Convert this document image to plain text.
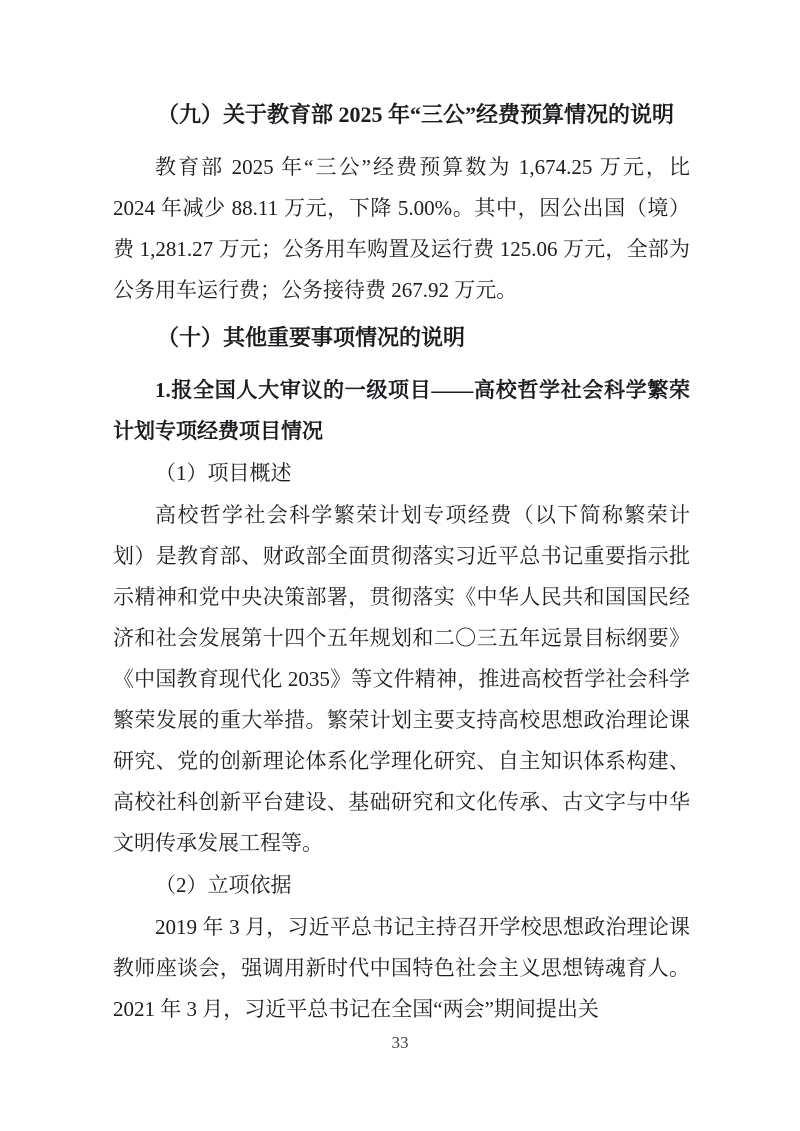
（九）关于教育部 2025 年“三公”经费预算情况的说明

教育部 2025 年“三公”经费预算数为 1,674.25 万元，比 2024 年减少 88.11 万元，下降 5.00%。其中，因公出国（境）费 1,281.27 万元；公务用车购置及运行费 125.06 万元，全部为公务用车运行费；公务接待费 267.92 万元。

（十）其他重要事项情况的说明

1.报全国人大审议的一级项目——高校哲学社会科学繁荣计划专项经费项目情况

（1）项目概述

高校哲学社会科学繁荣计划专项经费（以下简称繁荣计划）是教育部、财政部全面贯彻落实习近平总书记重要指示批示精神和党中央决策部署，贯彻落实《中华人民共和国国民经济和社会发展第十四个五年规划和二〇三五年远景目标纲要》《中国教育现代化 2035》等文件精神，推进高校哲学社会科学繁荣发展的重大举措。繁荣计划主要支持高校思想政治理论课研究、党的创新理论体系化学理化研究、自主知识体系构建、高校社科创新平台建设、基础研究和文化传承、古文字与中华文明传承发展工程等。

（2）立项依据

2019 年 3 月，习近平总书记主持召开学校思想政治理论课教师座谈会，强调用新时代中国特色社会主义思想铸魂育人。2021 年 3 月，习近平总书记在全国“两会”期间提出关

33
